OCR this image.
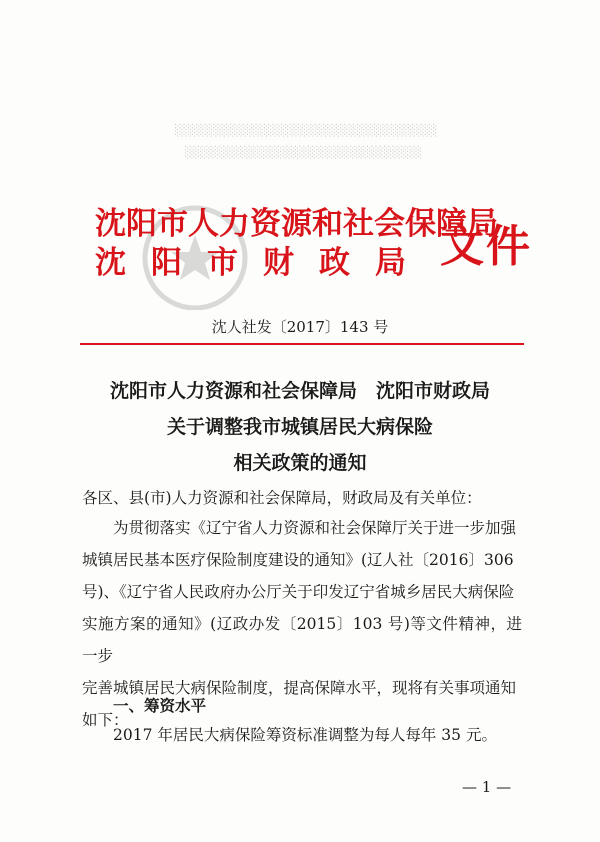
░░░░░░░░░░░░░░░░░░░░░░░░░░░░░░░
░░░░░░░░░░░░░░░░░░░░░░░░░░░░
沈阳市人力资源和社会保障局
沈阳市财政局 文件
沈人社发〔2017〕143 号
沈阳市人力资源和社会保障局　沈阳市财政局
关于调整我市城镇居民大病保险
相关政策的通知
各区、县(市)人力资源和社会保障局，财政局及有关单位：
为贯彻落实《辽宁省人力资源和社会保障厅关于进一步加强
城镇居民基本医疗保险制度建设的通知》(辽人社〔2016〕306
号)、《辽宁省人民政府办公厅关于印发辽宁省城乡居民大病保险
实施方案的通知》(辽政办发〔2015〕103 号)等文件精神，进一步
完善城镇居民大病保险制度，提高保障水平，现将有关事项通知
如下：
一、筹资水平
2017 年居民大病保险筹资标准调整为每人每年 35 元。
— 1 —
